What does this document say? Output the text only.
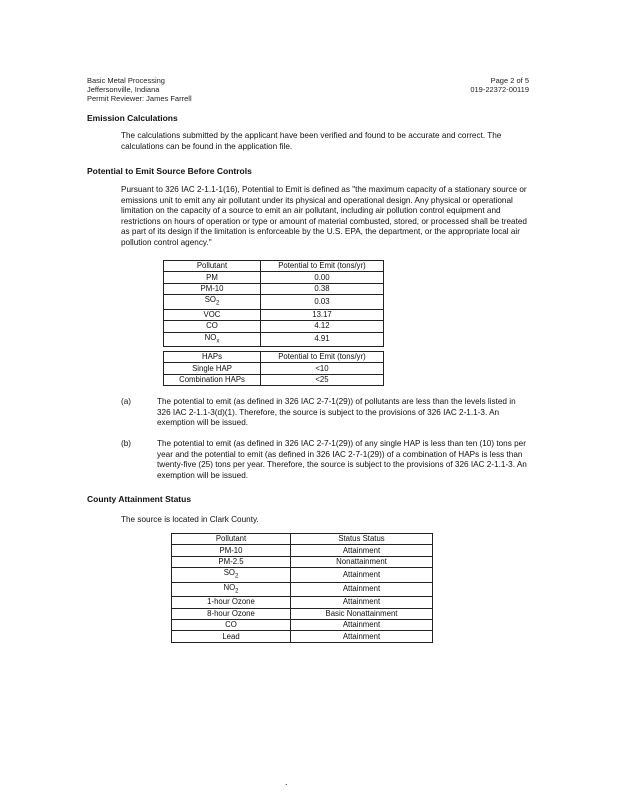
Basic Metal Processing
Jeffersonville, Indiana
Permit Reviewer: James Farrell
Page 2 of 5
019-22372-00119
Emission Calculations
The calculations submitted by the applicant have been verified and found to be accurate and correct. The calculations can be found in the application file.
Potential to Emit Source Before Controls
Pursuant to 326 IAC 2-1.1-1(16), Potential to Emit is defined as "the maximum capacity of a stationary source or emissions unit to emit any air pollutant under its physical and operational design. Any physical or operational limitation on the capacity of a source to emit an air pollutant, including air pollution control equipment and restrictions on hours of operation or type or amount of material combusted, stored, or processed shall be treated as part of its design if the limitation is enforceable by the U.S. EPA, the department, or the appropriate local air pollution control agency."
Pollutant	Potential to Emit (tons/yr)
PM	0.00
PM-10	0.38
$SO_2$	0.03
VOC	13.17
CO	4.12
$NO_x$	4.91
HAPs	Potential to Emit (tons/yr)
Single HAP	<10
Combination HAPs	<25
(a)	The potential to emit (as defined in 326 IAC 2-7-1(29)) of pollutants are less than the levels listed in 326 IAC 2-1.1-3(d)(1). Therefore, the source is subject to the provisions of 326 IAC 2-1.1-3. An exemption will be issued.
(b)	The potential to emit (as defined in 326 IAC 2-7-1(29)) of any single HAP is less than ten (10) tons per year and the potential to emit (as defined in 326 IAC 2-7-1(29)) of a combination of HAPs is less than twenty-five (25) tons per year. Therefore, the source is subject to the provisions of 326 IAC 2-1.1-3. An exemption will be issued.
County Attainment Status
The source is located in Clark County.
Pollutant	Status Status
PM-10	Attainment
PM-2.5	Nonattainment
$SO_2$	Attainment
$NO_2$	Attainment
1-hour Ozone	Attainment
8-hour Ozone	Basic Nonattainment
CO	Attainment
Lead	Attainment
.
